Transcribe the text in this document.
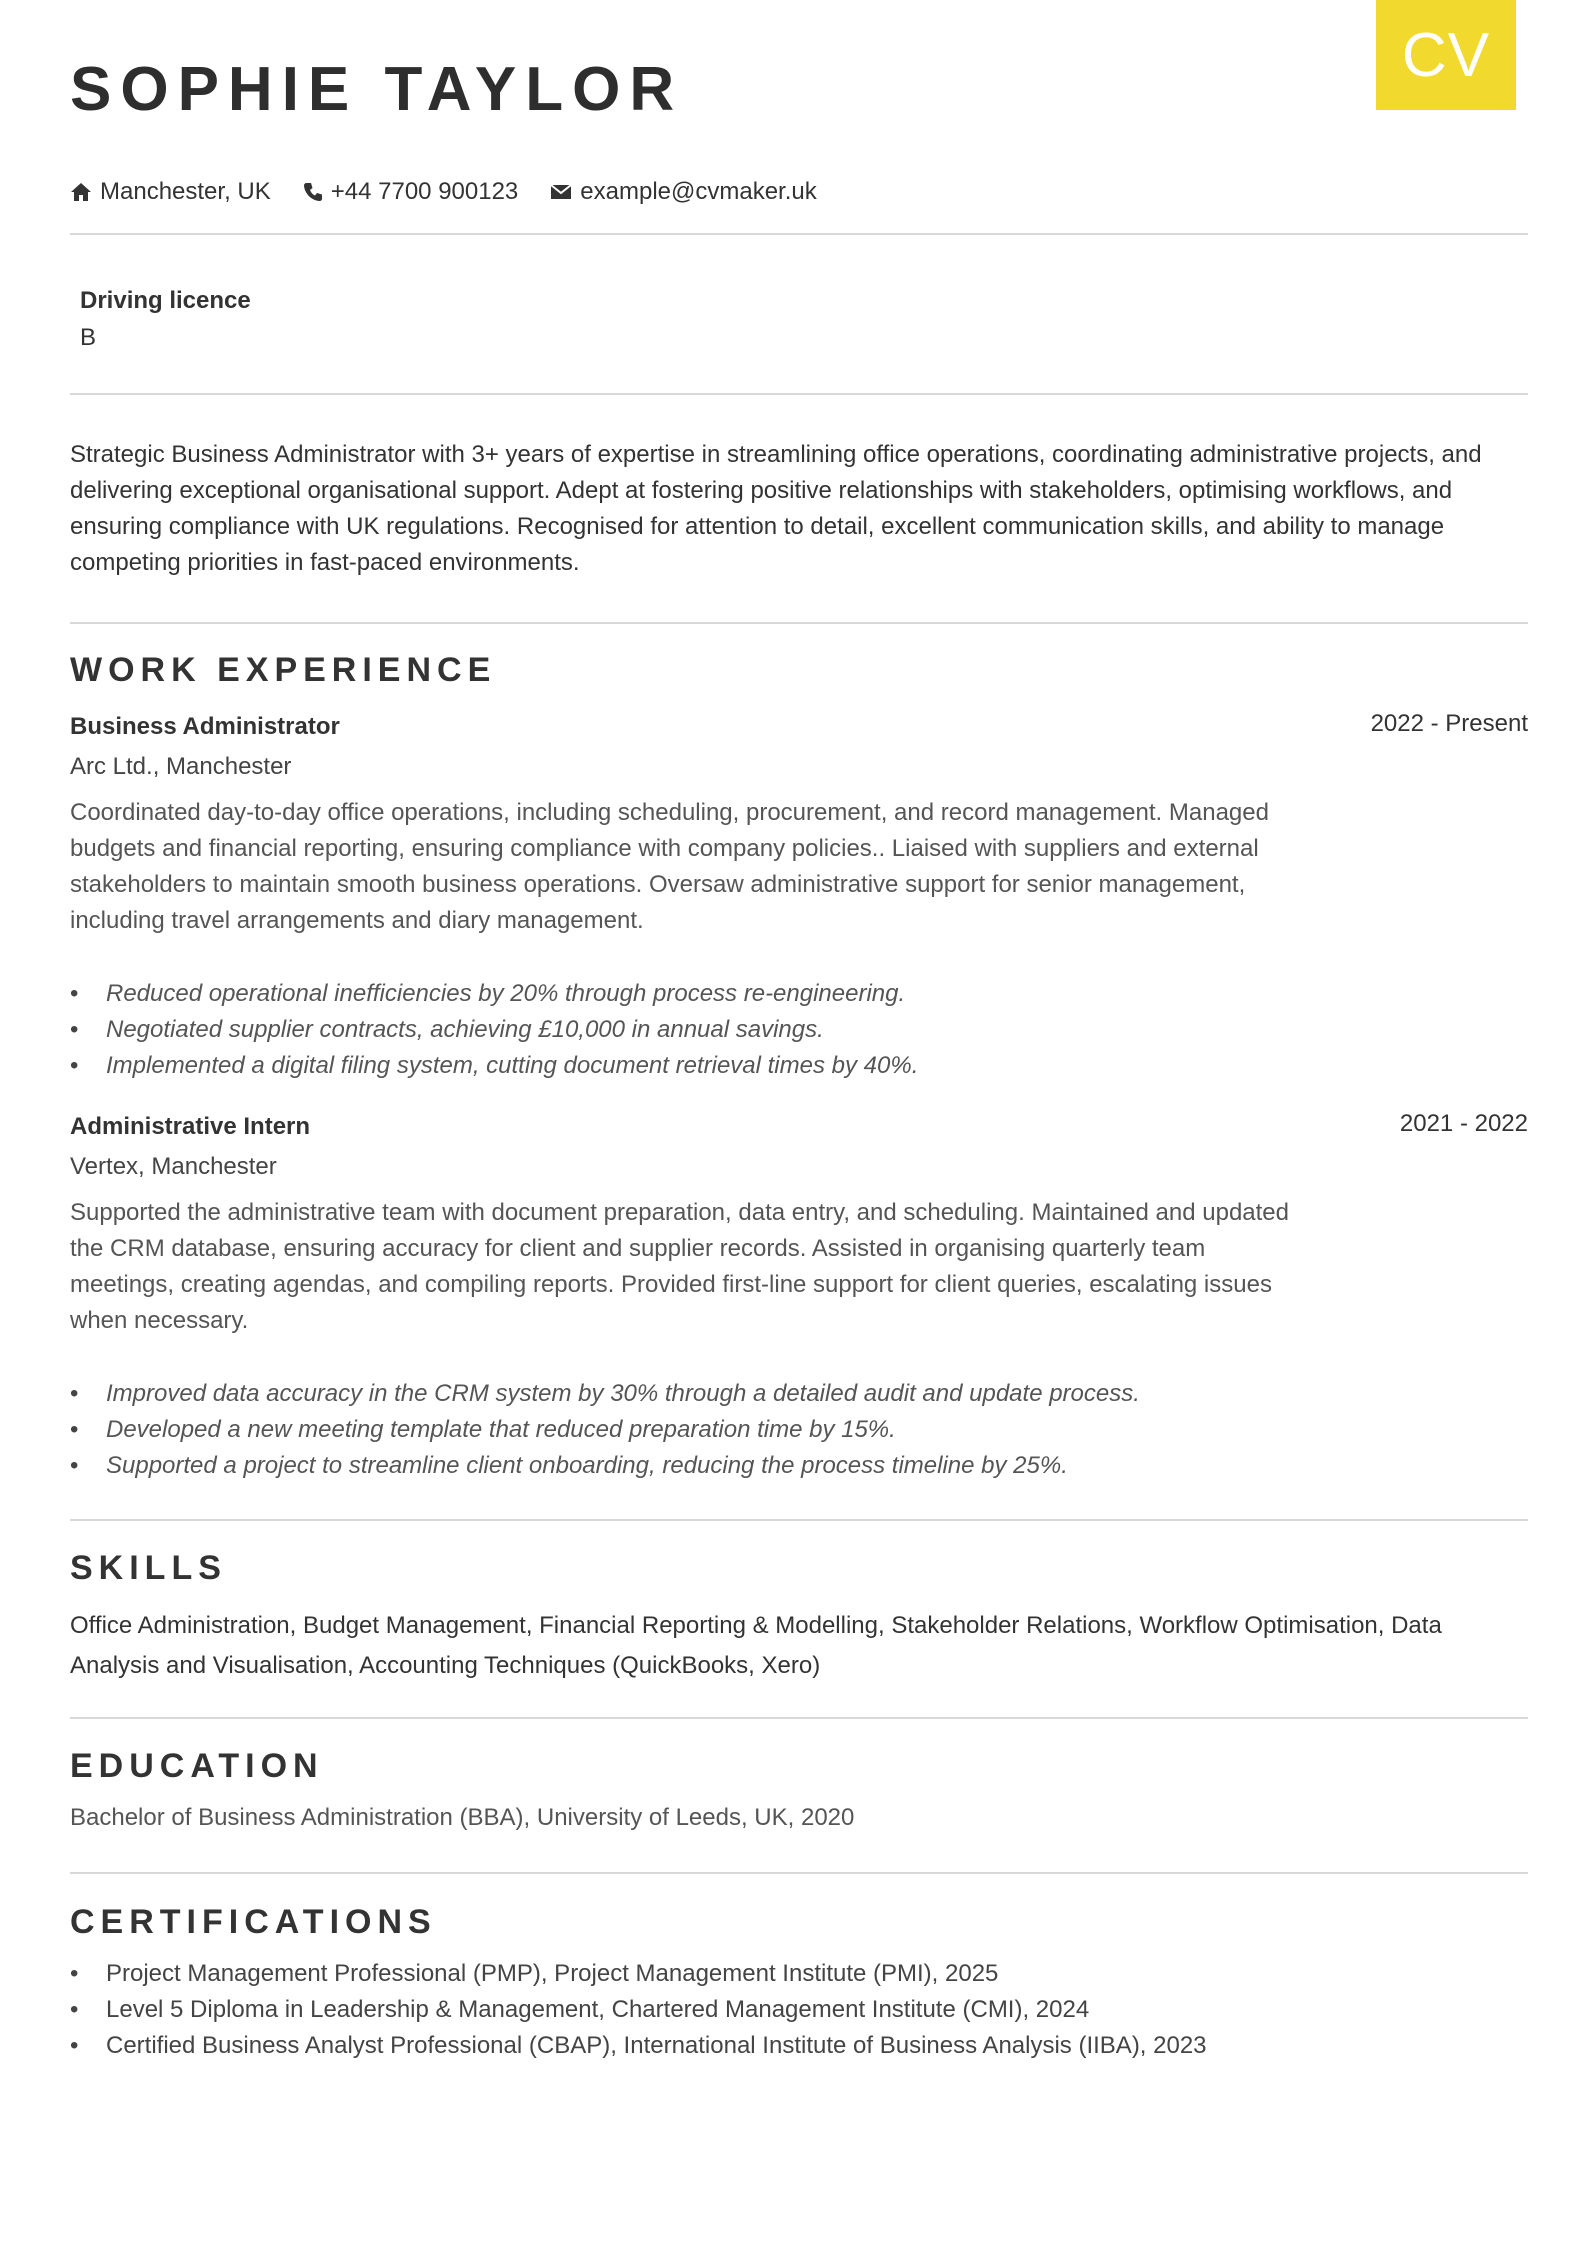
CV
SOPHIE TAYLOR
Manchester, UK	+44 7700 900123	example@cvmaker.uk
Driving licence
B

Strategic Business Administrator with 3+ years of expertise in streamlining office operations, coordinating administrative projects, and delivering exceptional organisational support. Adept at fostering positive relationships with stakeholders, optimising workflows, and ensuring compliance with UK regulations. Recognised for attention to detail, excellent communication skills, and ability to manage competing priorities in fast-paced environments.

WORK EXPERIENCE
Business Administrator	2022 - Present
Arc Ltd., Manchester

Coordinated day-to-day office operations, including scheduling, procurement, and record management. Managed budgets and financial reporting, ensuring compliance with company policies.. Liaised with suppliers and external stakeholders to maintain smooth business operations. Oversaw administrative support for senior management, including travel arrangements and diary management.

• Reduced operational inefficiencies by 20% through process re-engineering.
• Negotiated supplier contracts, achieving £10,000 in annual savings.
• Implemented a digital filing system, cutting document retrieval times by 40%.
Administrative Intern	2021 - 2022
Vertex, Manchester

Supported the administrative team with document preparation, data entry, and scheduling. Maintained and updated the CRM database, ensuring accuracy for client and supplier records. Assisted in organising quarterly team meetings, creating agendas, and compiling reports. Provided first-line support for client queries, escalating issues when necessary.

• Improved data accuracy in the CRM system by 30% through a detailed audit and update process.
• Developed a new meeting template that reduced preparation time by 15%.
• Supported a project to streamline client onboarding, reducing the process timeline by 25%.
SKILLS

Office Administration, Budget Management, Financial Reporting & Modelling, Stakeholder Relations, Workflow Optimisation, Data Analysis and Visualisation, Accounting Techniques (QuickBooks, Xero)

EDUCATION
Bachelor of Business Administration (BBA), University of Leeds, UK, 2020
CERTIFICATIONS
• Project Management Professional (PMP), Project Management Institute (PMI), 2025
• Level 5 Diploma in Leadership & Management, Chartered Management Institute (CMI), 2024
• Certified Business Analyst Professional (CBAP), International Institute of Business Analysis (IIBA), 2023
